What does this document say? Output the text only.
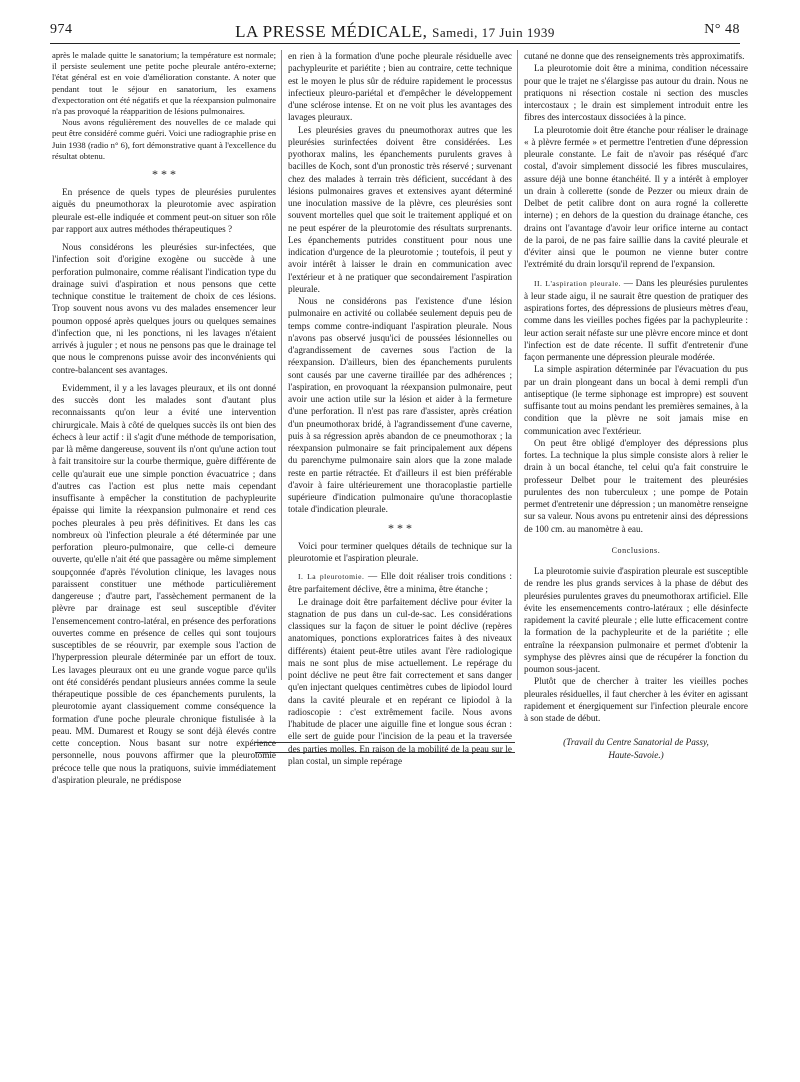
974	LA PRESSE MÉDICALE, Samedi, 17 Juin 1939	N° 48

après le malade quitte le sanatorium; la température est normale; il persiste seulement une petite poche pleurale antéro-externe; l'état général est en voie d'amélioration constante. A noter que pendant tout le séjour en sanatorium, les examens d'expectoration ont été négatifs et que la réexpansion pulmonaire n'a pas provoqué la réapparition de lésions pulmonaires.

Nous avons régulièrement des nouvelles de ce malade qui peut être considéré comme guéri. Voici une radiographie prise en Juin 1938 (radio n° 6), fort démonstrative quant à l'excellence du résultat obtenu.

* * *

En présence de quels types de pleurésies purulentes aiguës du pneumothorax la pleurotomie avec aspiration pleurale est-elle indiquée et comment peut-on situer son rôle par rapport aux autres méthodes thérapeutiques ?

Nous considérons les pleurésies sur-infectées, que l'infection soit d'origine exogène ou succède à une perforation pulmonaire, comme réalisant l'indication type du drainage suivi d'aspiration et nous pensons que cette technique constitue le traitement de choix de ces lésions. Trop souvent nous avons vu des malades ensemencer leur poumon opposé après quelques jours ou quelques semaines d'infection que, ni les ponctions, ni les lavages n'étaient arrivés à juguler ; et nous ne pensons pas que le drainage tel que nous le comprenons puisse avoir des inconvénients qui contre-balancent ses avantages.

Evidemment, il y a les lavages pleuraux, et ils ont donné des succès dont les malades sont d'autant plus reconnaissants qu'on leur a évité une intervention chirurgicale. Mais à côté de quelques succès ils ont bien des échecs à leur actif : il s'agit d'une méthode de temporisation, par là même dangereuse, souvent ils n'ont qu'une action tout à fait transitoire sur la courbe thermique, guère différente de celle qu'aurait eue une simple ponction évacuatrice ; dans d'autres cas l'action est plus nette mais cependant insuffisante à empêcher la constitution de pachypleurite épaisse qui limite la réexpansion pulmonaire et rend ces poches pleurales à peu près définitives. Et dans les cas nombreux où l'infection pleurale a été déterminée par une perforation pleuro-pulmonaire, que celle-ci demeure ouverte, qu'elle n'ait été que passagère ou même simplement soupçonnée d'après l'évolution clinique, les lavages nous paraissent constituer une méthode particulièrement dangereuse ; d'autre part, l'assèchement permanent de la plèvre par drainage est seul susceptible d'éviter l'ensemencement contro-latéral, en présence des perforations ouvertes comme en présence de celles qui sont toujours susceptibles de se réouvrir, par exemple sous l'action de l'hyperpression pleurale déterminée par un effort de toux. Les lavages pleuraux ont eu une grande vogue parce qu'ils ont été considérés pendant plusieurs années comme la seule thérapeutique possible de ces épanchements purulents, la pleurotomie ayant classiquement comme conséquence la formation d'une poche pleurale chronique fistulisée à la peau. MM. Dumarest et Rougy se sont déjà élevés contre cette conception. Nous basant sur notre expérience personnelle, nous pouvons affirmer que la pleurotomie précoce telle que nous la pratiquons, suivie immédiatement d'aspiration pleurale, ne prédispose

en rien à la formation d'une poche pleurale résiduelle avec pachypleurite et pariétite ; bien au contraire, cette technique est le moyen le plus sûr de réduire rapidement le processus infectieux pleuro-pariétal et d'empêcher le développement d'une sclérose intense. Et on ne voit plus les avantages des lavages pleuraux.

Les pleurésies graves du pneumothorax autres que les pleurésies surinfectées doivent être considérées. Les pyothorax malins, les épanchements purulents graves à bacilles de Koch, sont d'un pronostic très réservé ; survenant chez des malades à terrain très déficient, succédant à des lésions pulmonaires graves et extensives ayant déterminé une inoculation massive de la plèvre, ces pleurésies sont souvent mortelles quel que soit le traitement appliqué et on ne peut espérer de la pleurotomie des résultats surprenants. Les épanchements putrides constituent pour nous une indication d'urgence de la pleurotomie ; toutefois, il peut y avoir intérêt à laisser le drain en communication avec l'extérieur et à ne pratiquer que secondairement l'aspiration pleurale.

Nous ne considérons pas l'existence d'une lésion pulmonaire en activité ou collabée seulement depuis peu de temps comme contre-indiquant l'aspiration pleurale. Nous n'avons pas observé jusqu'ici de poussées lésionnelles ou d'agrandissement de cavernes sous l'action de la réexpansion. D'ailleurs, bien des épanchements purulents sont causés par une caverne tiraillée par des adhérences ; l'aspiration, en provoquant la réexpansion pulmonaire, peut avoir une action utile sur la lésion et aider à la fermeture d'une perforation. Il n'est pas rare d'assister, après création d'un pneumothorax bridé, à l'agrandissement d'une caverne, puis à sa régression après abandon de ce pneumothorax ; la réexpansion pulmonaire se fait principalement aux dépens du parenchyme pulmonaire sain alors que la zone malade reste en partie rétractée. Et d'ailleurs il est bien préférable d'avoir à faire ultérieurement une thoracoplastie partielle supérieure d'indication pulmonaire qu'une thoracoplastie totale d'indication pleurale.

* * *

Voici pour terminer quelques détails de technique sur la pleurotomie et l'aspiration pleurale.

I. La pleurotomie. — Elle doit réaliser trois conditions : être parfaitement déclive, être a minima, être étanche ;

Le drainage doit être parfaitement déclive pour éviter la stagnation de pus dans un cul-de-sac. Les considérations classiques sur la façon de situer le point déclive (repères anatomiques, ponctions exploratrices faites à des niveaux différents) étaient peut-être utiles avant l'ère radiologique mais ne sont plus de mise actuellement. Le repérage du point déclive ne peut être fait correctement et sans danger qu'en injectant quelques centimètres cubes de lipiodol lourd dans la cavité pleurale et en repérant ce lipiodol à la radioscopie : c'est extrêmement facile. Nous avons l'habitude de placer une aiguille fine et longue sous écran : elle sert de guide pour l'incision de la peau et la traversée des parties molles. En raison de la mobilité de la peau sur le plan costal, un simple repérage

cutané ne donne que des renseignements très approximatifs.

La pleurotomie doit être a minima, condition nécessaire pour que le trajet ne s'élargisse pas autour du drain. Nous ne pratiquons ni résection costale ni section des muscles intercostaux ; le drain est simplement introduit entre les fibres des intercostaux dissociées à la pince.

La pleurotomie doit être étanche pour réaliser le drainage « à plèvre fermée » et permettre l'entretien d'une dépression pleurale constante. Le fait de n'avoir pas réséqué d'arc costal, d'avoir simplement dissocié les fibres musculaires, assure déjà une bonne étanchéité. Il y a intérêt à employer un drain à collerette (sonde de Pezzer ou mieux drain de Delbet de petit calibre dont on aura rogné la collerette interne) ; en dehors de la question du drainage étanche, ces drains ont l'avantage d'avoir leur orifice interne au contact de la paroi, de ne pas faire saillie dans la cavité pleurale et d'éviter ainsi que le poumon ne vienne buter contre l'extrémité du drain lorsqu'il reprend de l'expansion.

II. L'aspiration pleurale. — Dans les pleurésies purulentes à leur stade aigu, il ne saurait être question de pratiquer des aspirations fortes, des dépressions de plusieurs mètres d'eau, comme dans les vieilles poches figées par la pachypleurite : leur action serait néfaste sur une plèvre encore mince et dont l'infection est de date récente. Il suffit d'entretenir d'une façon permanente une dépression pleurale modérée.

La simple aspiration déterminée par l'évacuation du pus par un drain plongeant dans un bocal à demi rempli d'un antiseptique (le terme siphonage est impropre) est souvent suffisante tout au moins pendant les premières semaines, à la condition que la plèvre ne soit jamais mise en communication avec l'extérieur.

On peut être obligé d'employer des dépressions plus fortes. La technique la plus simple consiste alors à relier le drain à un bocal étanche, tel celui qu'a fait construire le professeur Delbet pour le traitement des pleurésies purulentes des non tuberculeux ; une pompe de Potain permet d'entretenir une dépression ; un manomètre renseigne sur sa valeur. Nous avons pu entretenir ainsi des dépressions de 100 cm. au manomètre à eau.

Conclusions.

La pleurotomie suivie d'aspiration pleurale est susceptible de rendre les plus grands services à la phase de début des pleurésies purulentes graves du pneumothorax artificiel. Elle évite les ensemencements contro-latéraux ; elle désinfecte rapidement la cavité pleurale ; elle lutte efficacement contre la formation de la pachypleurite et de la pariétite ; elle entraîne la réexpansion pulmonaire et permet d'obtenir la symphyse des plèvres ainsi que de récupérer la fonction du poumon sous-jacent.

Plutôt que de chercher à traiter les vieilles poches pleurales résiduelles, il faut chercher à les éviter en agissant rapidement et énergiquement sur l'infection pleurale encore à son stade de début.

(Travail du Centre Sanatorial de Passy,

Haute-Savoie.)
